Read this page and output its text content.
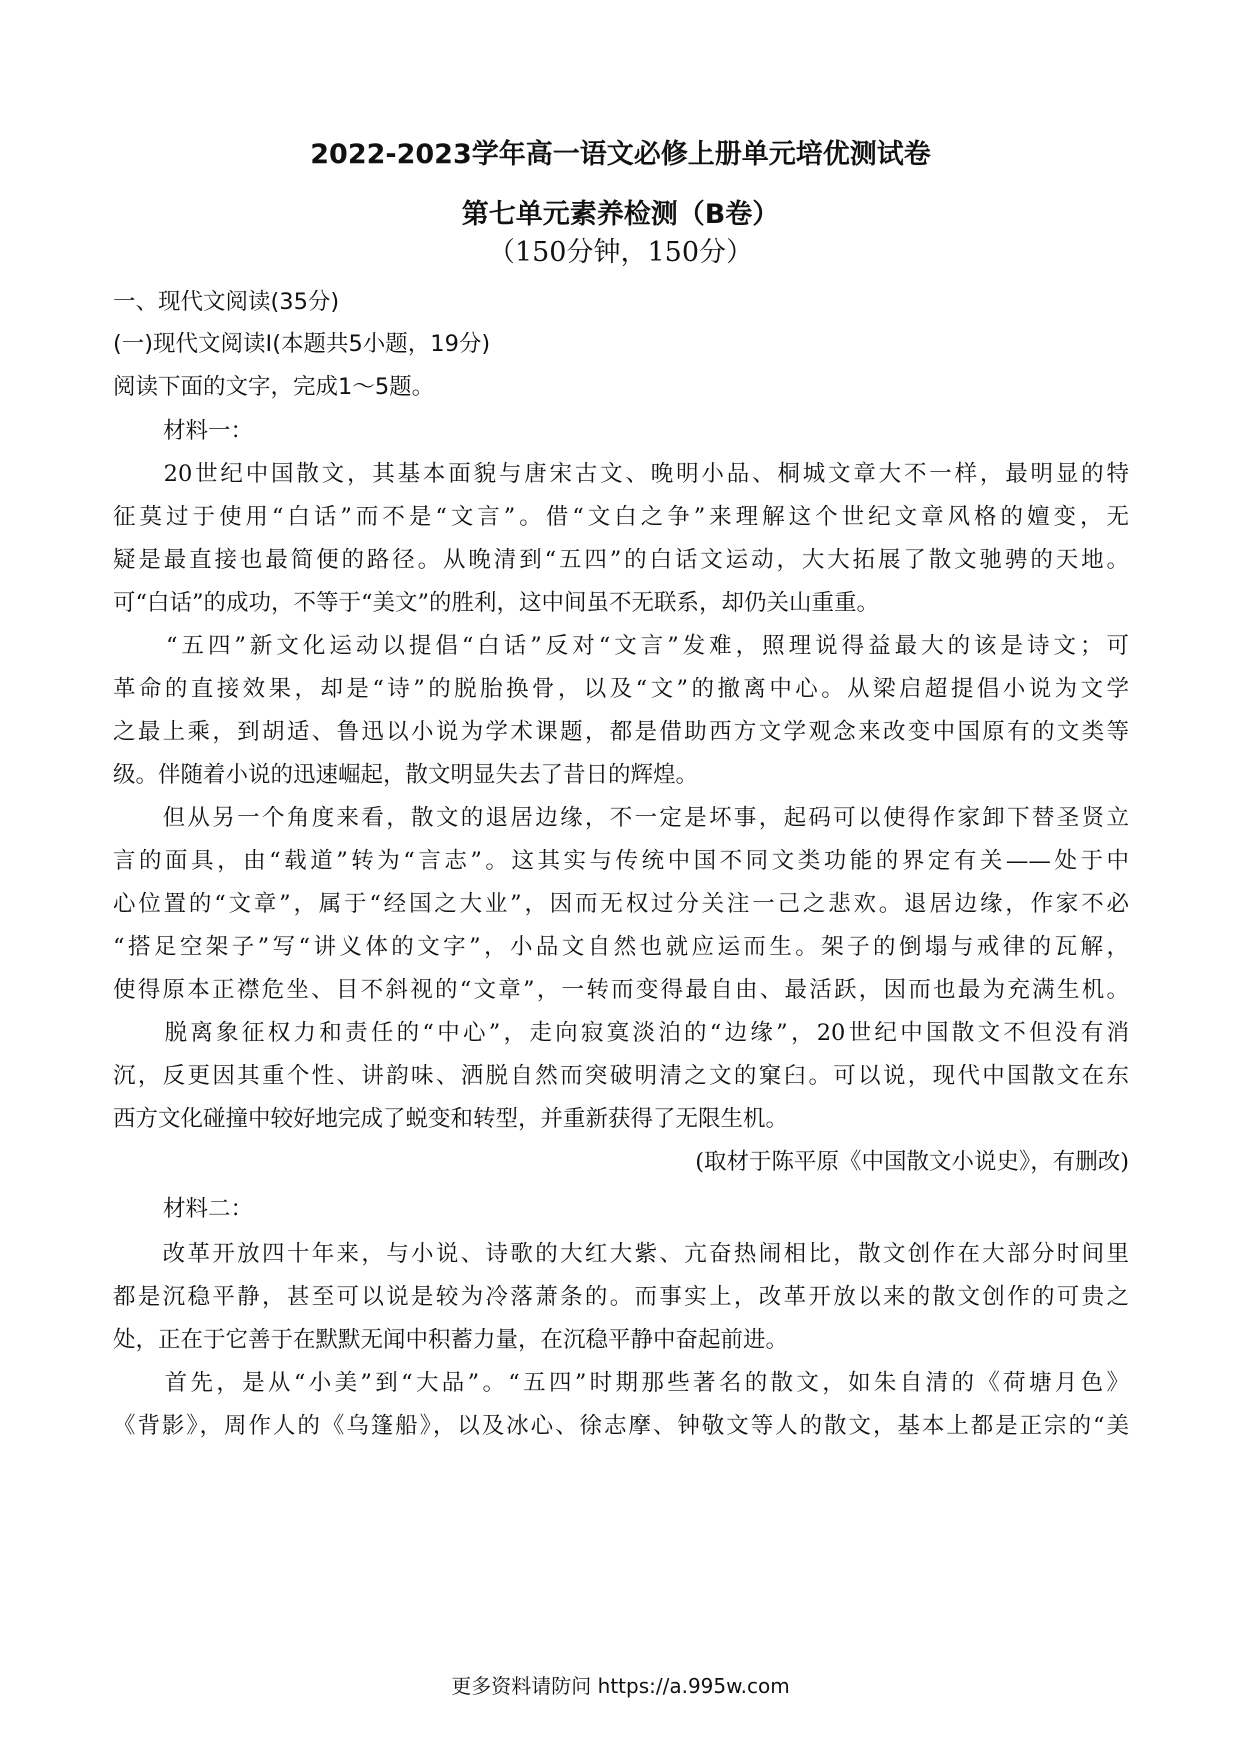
2022-2023学年高一语文必修上册单元培优测试卷
第七单元素养检测（B卷）
（150分钟，150分）
一、现代文阅读(35分)
(一)现代文阅读Ⅰ(本题共5小题，19分)
阅读下面的文字，完成1～5题。
材料一：
　　20世纪中国散文，其基本面貌与唐宋古文、晚明小品、桐城文章大不一样，最明显的特
征莫过于使用“白话”而不是“文言”。借“文白之争”来理解这个世纪文章风格的嬗变，无
疑是最直接也最简便的路径。从晚清到“五四”的白话文运动，大大拓展了散文驰骋的天地。
可“白话”的成功，不等于“美文”的胜利，这中间虽不无联系，却仍关山重重。
　　“五四”新文化运动以提倡“白话”反对“文言”发难，照理说得益最大的该是诗文；可
革命的直接效果，却是“诗”的脱胎换骨，以及“文”的撤离中心。从梁启超提倡小说为文学
之最上乘，到胡适、鲁迅以小说为学术课题，都是借助西方文学观念来改变中国原有的文类等
级。伴随着小说的迅速崛起，散文明显失去了昔日的辉煌。
　　但从另一个角度来看，散文的退居边缘，不一定是坏事，起码可以使得作家卸下替圣贤立
言的面具，由“载道”转为“言志”。这其实与传统中国不同文类功能的界定有关——处于中
心位置的“文章”，属于“经国之大业”，因而无权过分关注一己之悲欢。退居边缘，作家不必
“搭足空架子”写“讲义体的文字”，小品文自然也就应运而生。架子的倒塌与戒律的瓦解，
使得原本正襟危坐、目不斜视的“文章”，一转而变得最自由、最活跃，因而也最为充满生机。
　　脱离象征权力和责任的“中心”，走向寂寞淡泊的“边缘”，20世纪中国散文不但没有消
沉，反更因其重个性、讲韵味、洒脱自然而突破明清之文的窠臼。可以说，现代中国散文在东
西方文化碰撞中较好地完成了蜕变和转型，并重新获得了无限生机。
(取材于陈平原《中国散文小说史》，有删改)
材料二：
　　改革开放四十年来，与小说、诗歌的大红大紫、亢奋热闹相比，散文创作在大部分时间里
都是沉稳平静，甚至可以说是较为冷落萧条的。而事实上，改革开放以来的散文创作的可贵之
处，正在于它善于在默默无闻中积蓄力量，在沉稳平静中奋起前进。
　　首先，是从“小美”到“大品”。“五四”时期那些著名的散文，如朱自清的《荷塘月色》
《背影》，周作人的《乌篷船》，以及冰心、徐志摩、钟敬文等人的散文，基本上都是正宗的“美
更多资料请防问 https://a.995w.com
